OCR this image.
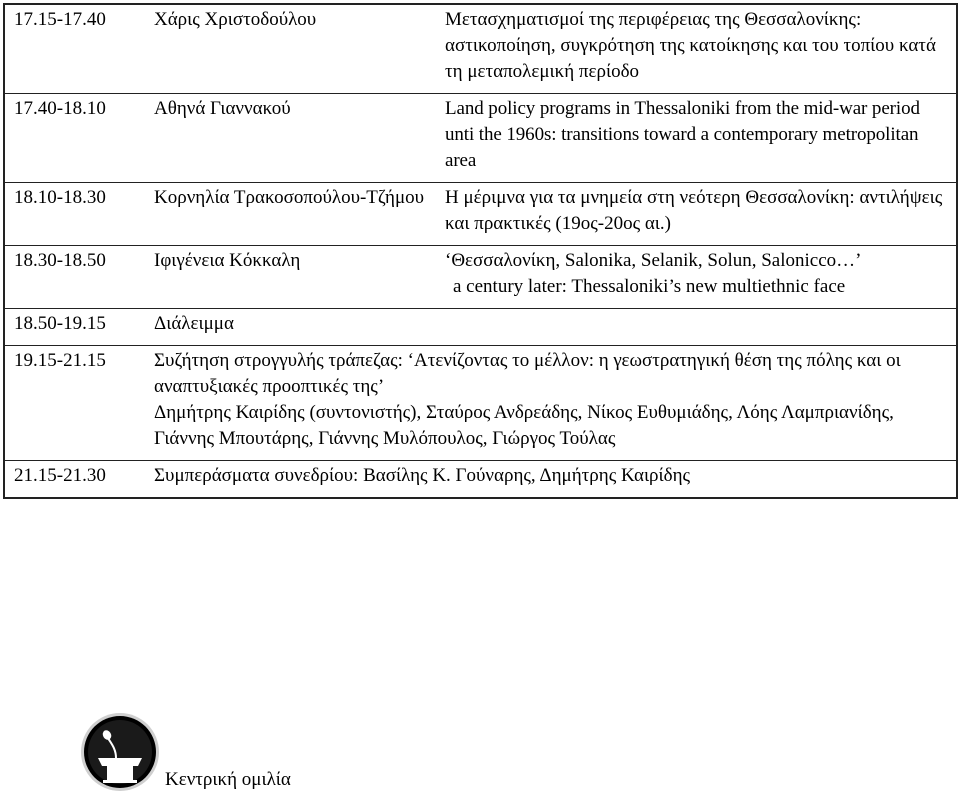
17.15-17.40	Χάρις Χριστοδούλου	Μετασχηματισμοί της περιφέρειας της Θεσσαλονίκης: αστικοποίηση, συγκρότηση της κατοίκησης και του τοπίου κατά τη μεταπολεμική περίοδο
17.40-18.10	Αθηνά Γιαννακού	Land policy programs in Thessaloniki from the mid-war period unti the 1960s: transitions toward a contemporary metropolitan area
18.10-18.30	Κορνηλία Τρακοσοπούλου-Τζήμου	Η μέριμνα για τα μνημεία στη νεότερη Θεσσαλονίκη: αντιλήψεις και πρακτικές (19ος-20ος αι.)
18.30-18.50	Ιφιγένεια Κόκκαλη	‘Θεσσαλονίκη, Salonika, Selanik, Solun, Salonicco…’

a century later: Thessaloniki’s new multiethnic face

18.50-19.15	Διάλειμμα	
19.15-21.15	Συζήτηση στρογγυλής τράπεζας: ‘Ατενίζοντας το μέλλον: η γεωστρατηγική θέση της πόλης και οι αναπτυξιακές προοπτικές της’

Δημήτρης Καιρίδης (συντονιστής), Σταύρος Ανδρεάδης, Νίκος Ευθυμιάδης, Λόης Λαμπριανίδης, Γιάννης Μπουτάρης, Γιάννης Μυλόπουλος, Γιώργος Τούλας	

21.15-21.30	Συμπεράσματα συνεδρίου: Βασίλης Κ. Γούναρης, Δημήτρης Καιρίδης	
Κεντρική ομιλία
